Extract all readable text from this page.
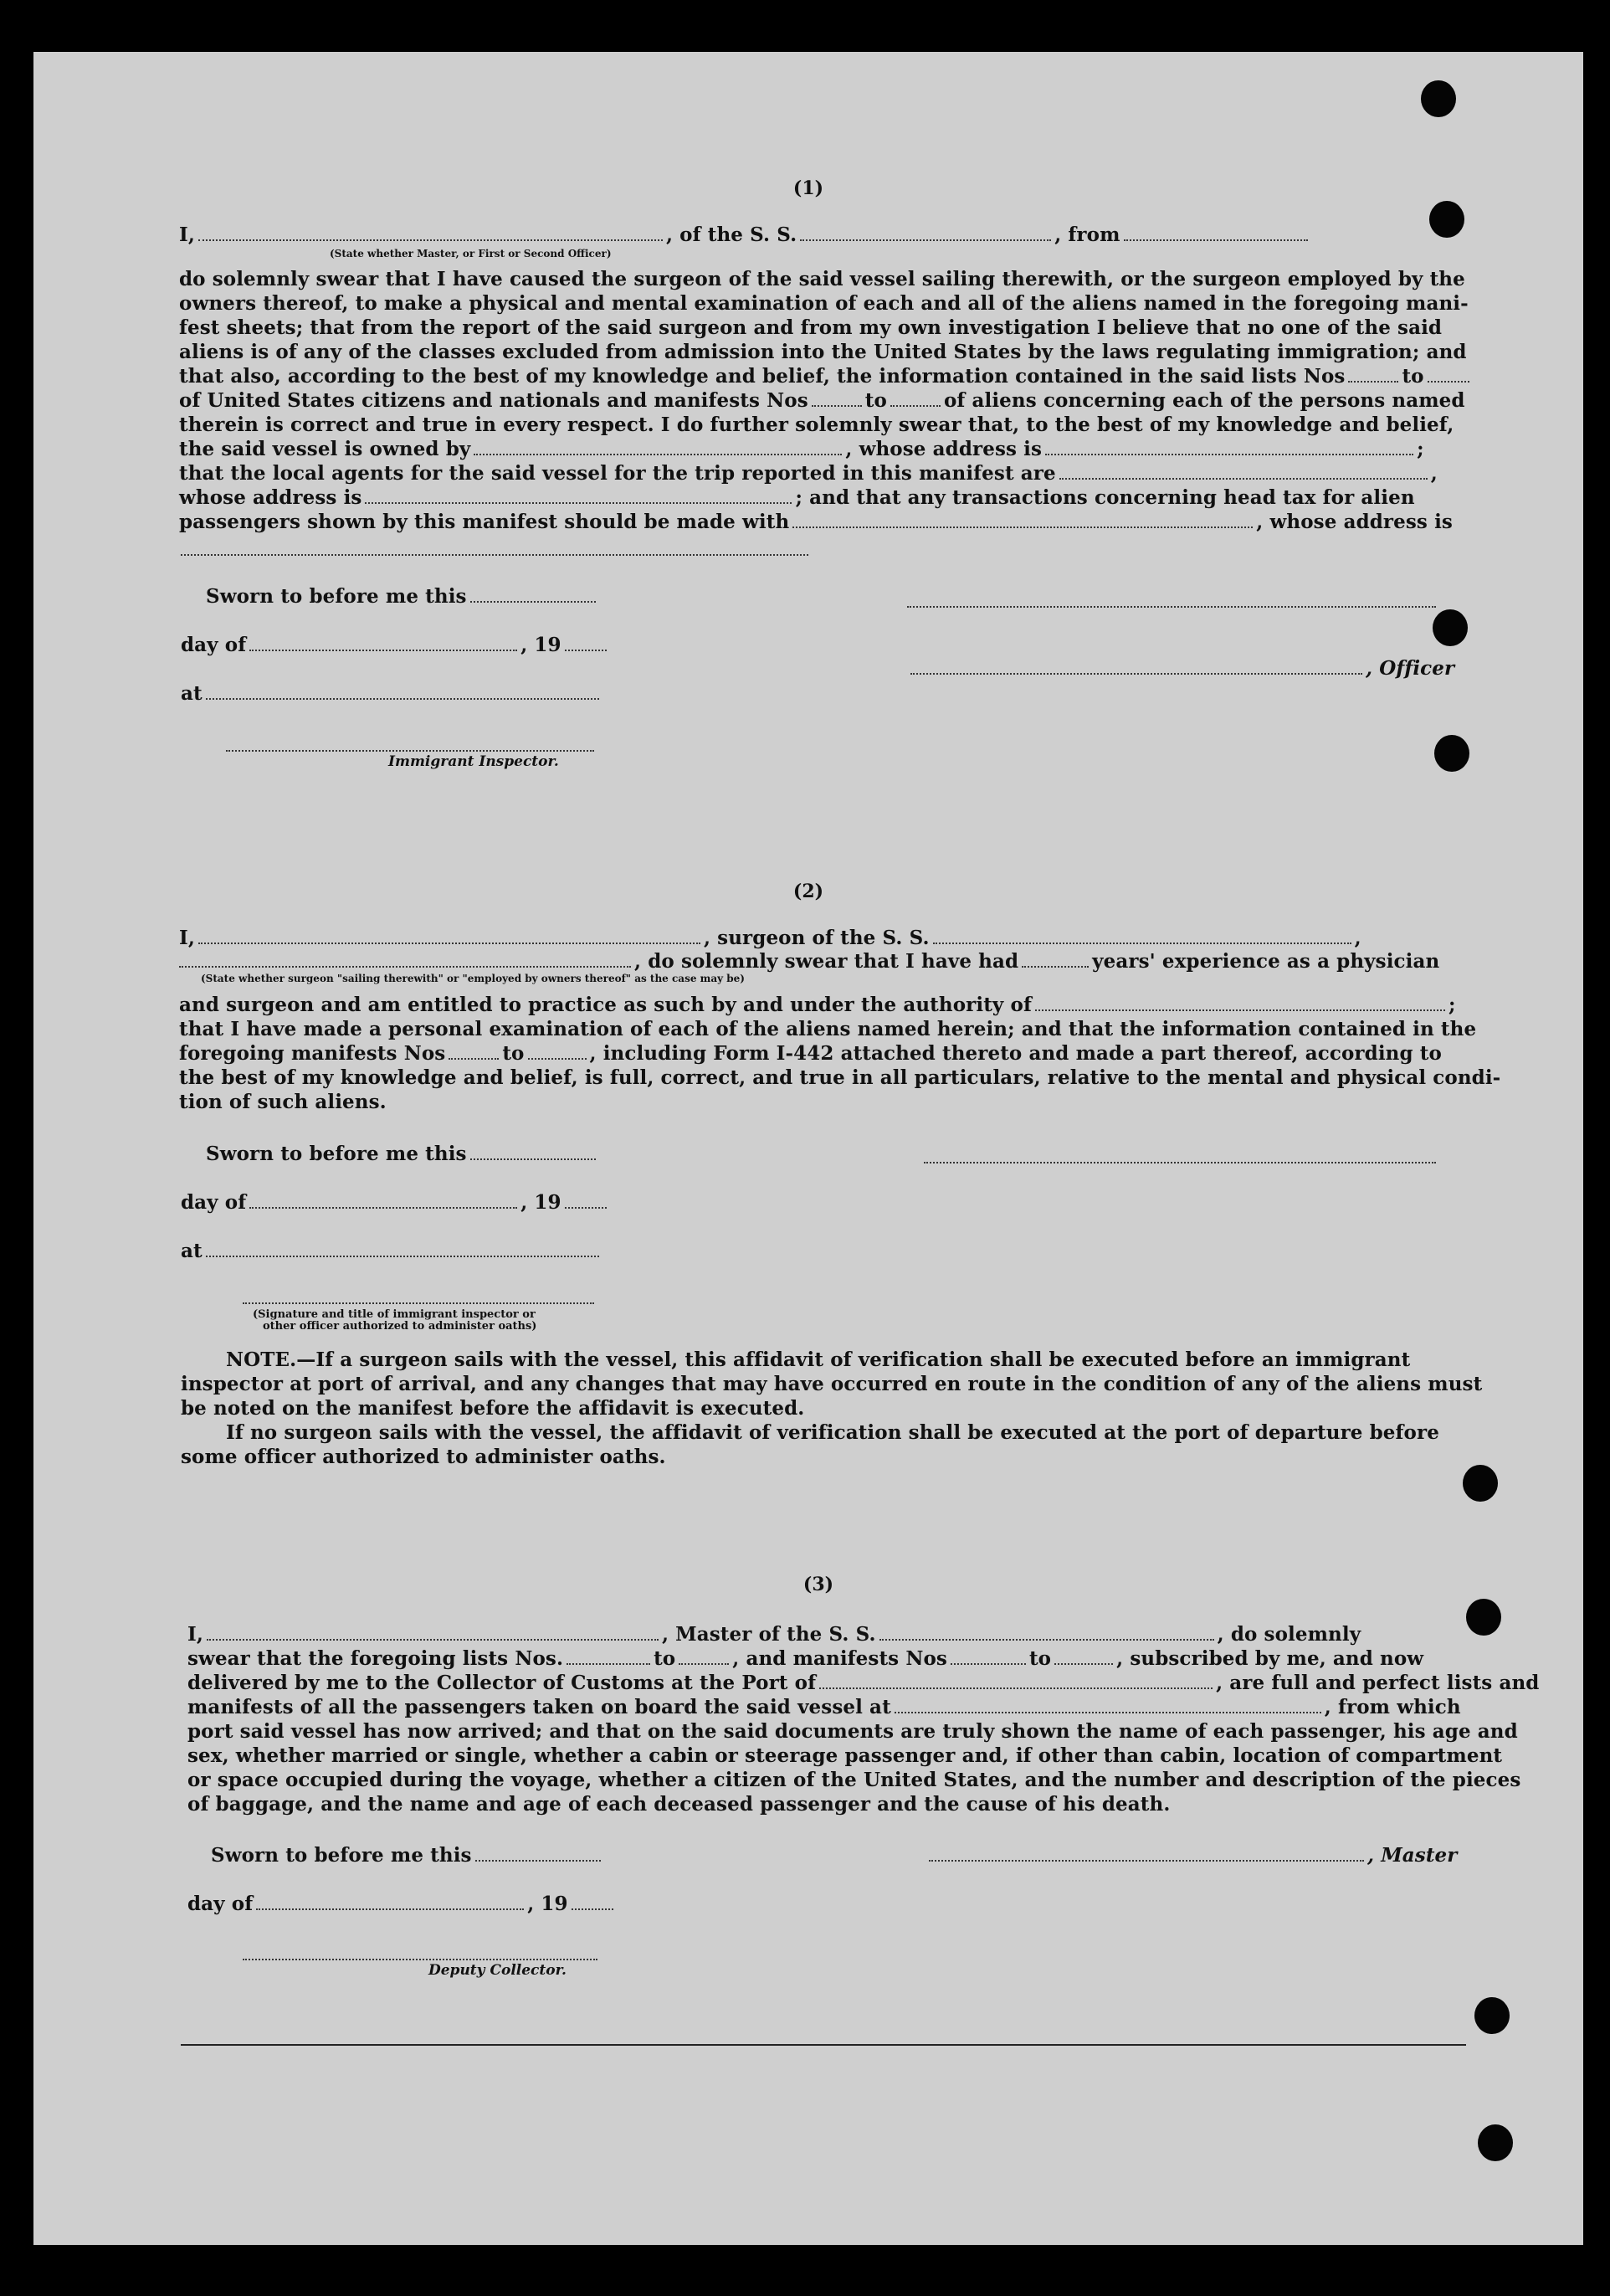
(1)
I,	, of the S. S.	, from
(State whether Master, or First or Second Officer)
do solemnly swear that I have caused the surgeon of the said vessel sailing therewith, or the surgeon employed by the
owners thereof, to make a physical and mental examination of each and all of the aliens named in the foregoing mani-
fest sheets; that from the report of the said surgeon and from my own investigation I believe that no one of the said
aliens is of any of the classes excluded from admission into the United States by the laws regulating immigration; and
that also, according to the best of my knowledge and belief, the information contained in the said lists Nos	to
of United States citizens and nationals and manifests Nos	to	of aliens concerning each of the persons named
therein is correct and true in every respect. I do further solemnly swear that, to the best of my knowledge and belief,
the said vessel is owned by	, whose address is	;
that the local agents for the said vessel for the trip reported in this manifest are	,
whose address is	; and that any transactions concerning head tax for alien
passengers shown by this manifest should be made with	, whose address is
Sworn to before me this
day of	, 19
, Officer
at
Immigrant Inspector.
(2)
I,	, surgeon of the S. S.	,
, do solemnly swear that I have had	years' experience as a physician
(State whether surgeon "sailing therewith" or "employed by owners thereof" as the case may be)
and surgeon and am entitled to practice as such by and under the authority of	;
that I have made a personal examination of each of the aliens named herein; and that the information contained in the
foregoing manifests Nos	to	, including Form I-442 attached thereto and made a part thereof, according to
the best of my knowledge and belief, is full, correct, and true in all particulars, relative to the mental and physical condi-
tion of such aliens.
Sworn to before me this
day of	, 19
at
(Signature and title of immigrant inspector or
other officer authorized to administer oaths)
NOTE.—If a surgeon sails with the vessel, this affidavit of verification shall be executed before an immigrant
inspector at port of arrival, and any changes that may have occurred en route in the condition of any of the aliens must
be noted on the manifest before the affidavit is executed.
If no surgeon sails with the vessel, the affidavit of verification shall be executed at the port of departure before
some officer authorized to administer oaths.
(3)
I,	, Master of the S. S.	, do solemnly
swear that the foregoing lists Nos.	to	, and manifests Nos	to	, subscribed by me, and now
delivered by me to the Collector of Customs at the Port of	, are full and perfect lists and
manifests of all the passengers taken on board the said vessel at	, from which
port said vessel has now arrived; and that on the said documents are truly shown the name of each passenger, his age and
sex, whether married or single, whether a cabin or steerage passenger and, if other than cabin, location of compartment
or space occupied during the voyage, whether a citizen of the United States, and the number and description of the pieces
of baggage, and the name and age of each deceased passenger and the cause of his death.
Sworn to before me this	, Master
day of	, 19
Deputy Collector.
